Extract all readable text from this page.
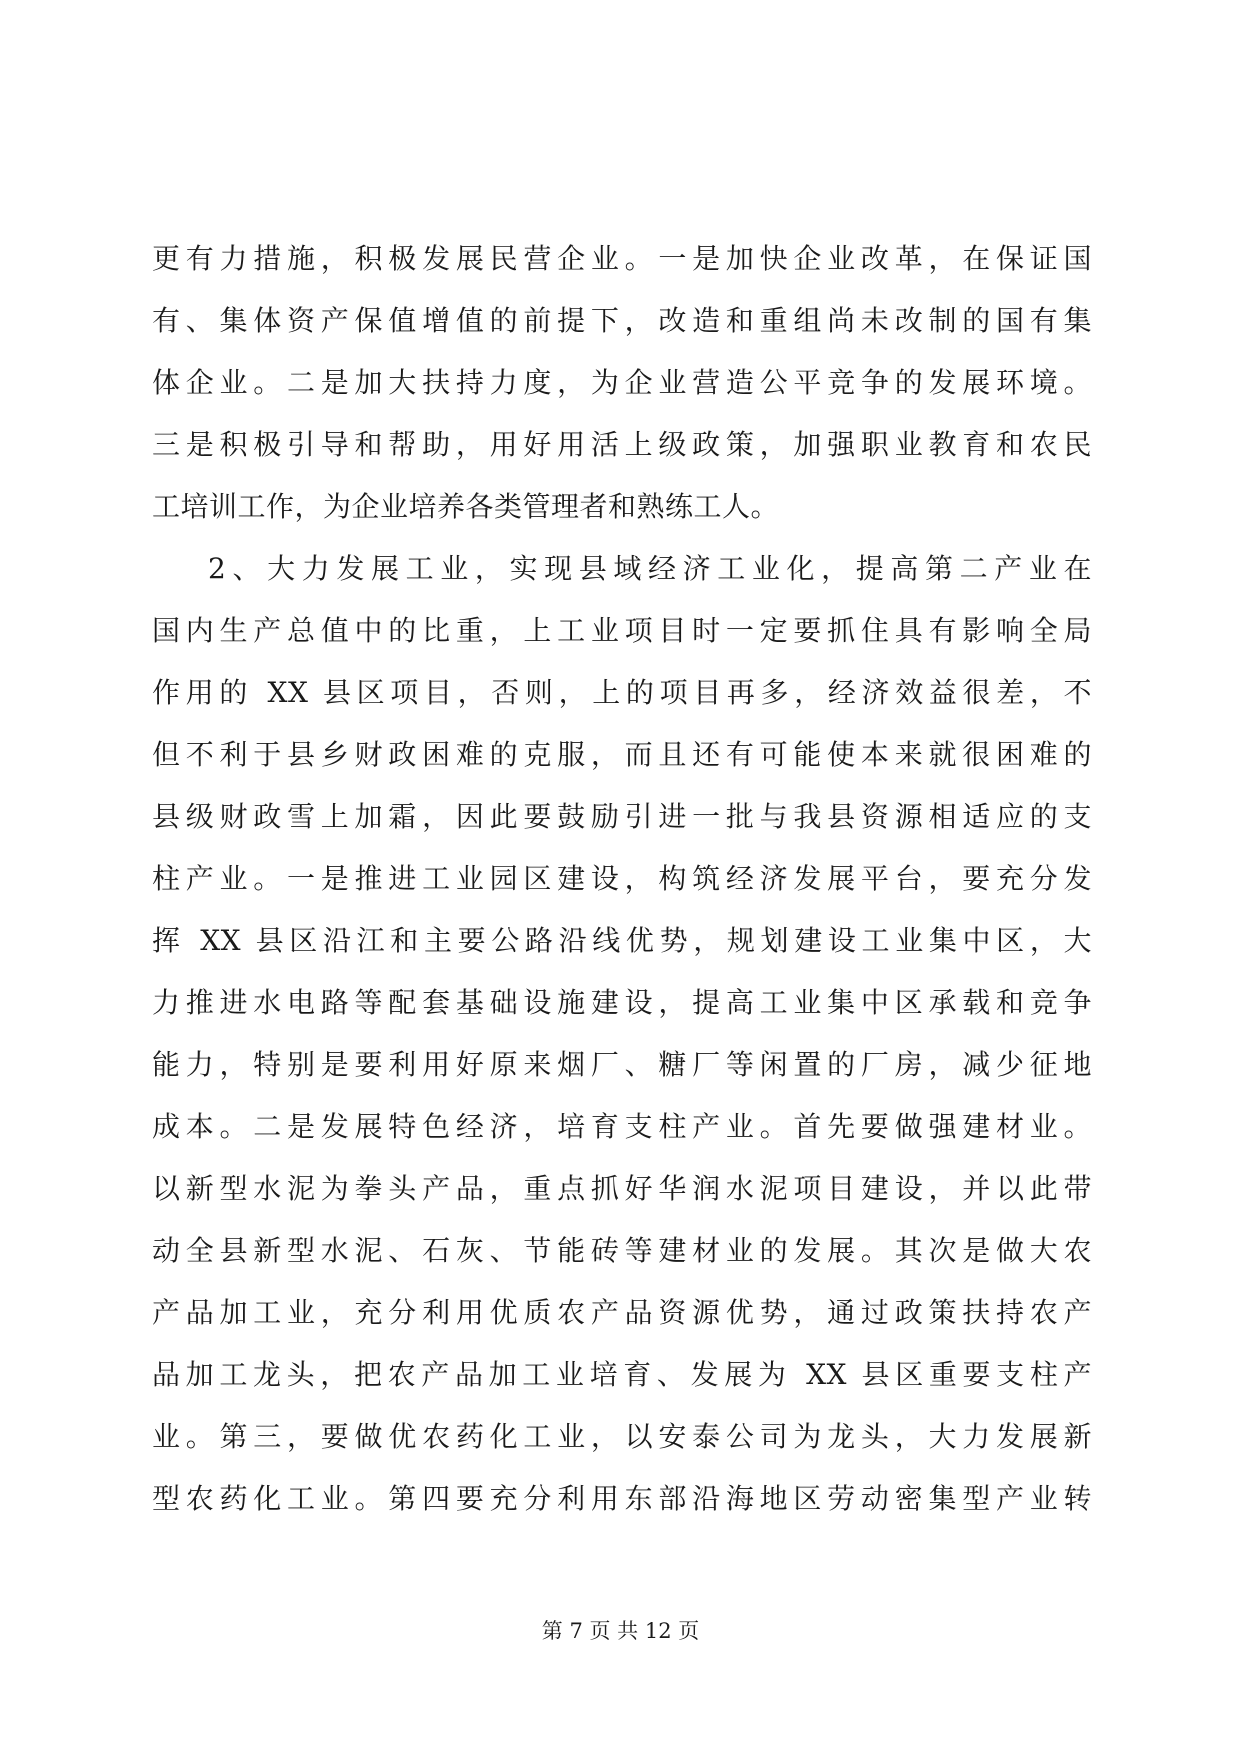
更有力措施，积极发展民营企业。一是加快企业改革，在保证国
有、集体资产保值增值的前提下，改造和重组尚未改制的国有集
体企业。二是加大扶持力度，为企业营造公平竞争的发展环境。
三是积极引导和帮助，用好用活上级政策，加强职业教育和农民
工培训工作，为企业培养各类管理者和熟练工人。
2、大力发展工业，实现县域经济工业化，提高第二产业在
国内生产总值中的比重，上工业项目时一定要抓住具有影响全局
作用的 XX 县区项目，否则，上的项目再多，经济效益很差，不
但不利于县乡财政困难的克服，而且还有可能使本来就很困难的
县级财政雪上加霜，因此要鼓励引进一批与我县资源相适应的支
柱产业。一是推进工业园区建设，构筑经济发展平台，要充分发
挥 XX 县区沿江和主要公路沿线优势，规划建设工业集中区，大
力推进水电路等配套基础设施建设，提高工业集中区承载和竞争
能力，特别是要利用好原来烟厂、糖厂等闲置的厂房，减少征地
成本。二是发展特色经济，培育支柱产业。首先要做强建材业。
以新型水泥为拳头产品，重点抓好华润水泥项目建设，并以此带
动全县新型水泥、石灰、节能砖等建材业的发展。其次是做大农
产品加工业，充分利用优质农产品资源优势，通过政策扶持农产
品加工龙头，把农产品加工业培育、发展为 XX 县区重要支柱产
业。第三，要做优农药化工业，以安泰公司为龙头，大力发展新
型农药化工业。第四要充分利用东部沿海地区劳动密集型产业转
第 7 页 共 12 页
